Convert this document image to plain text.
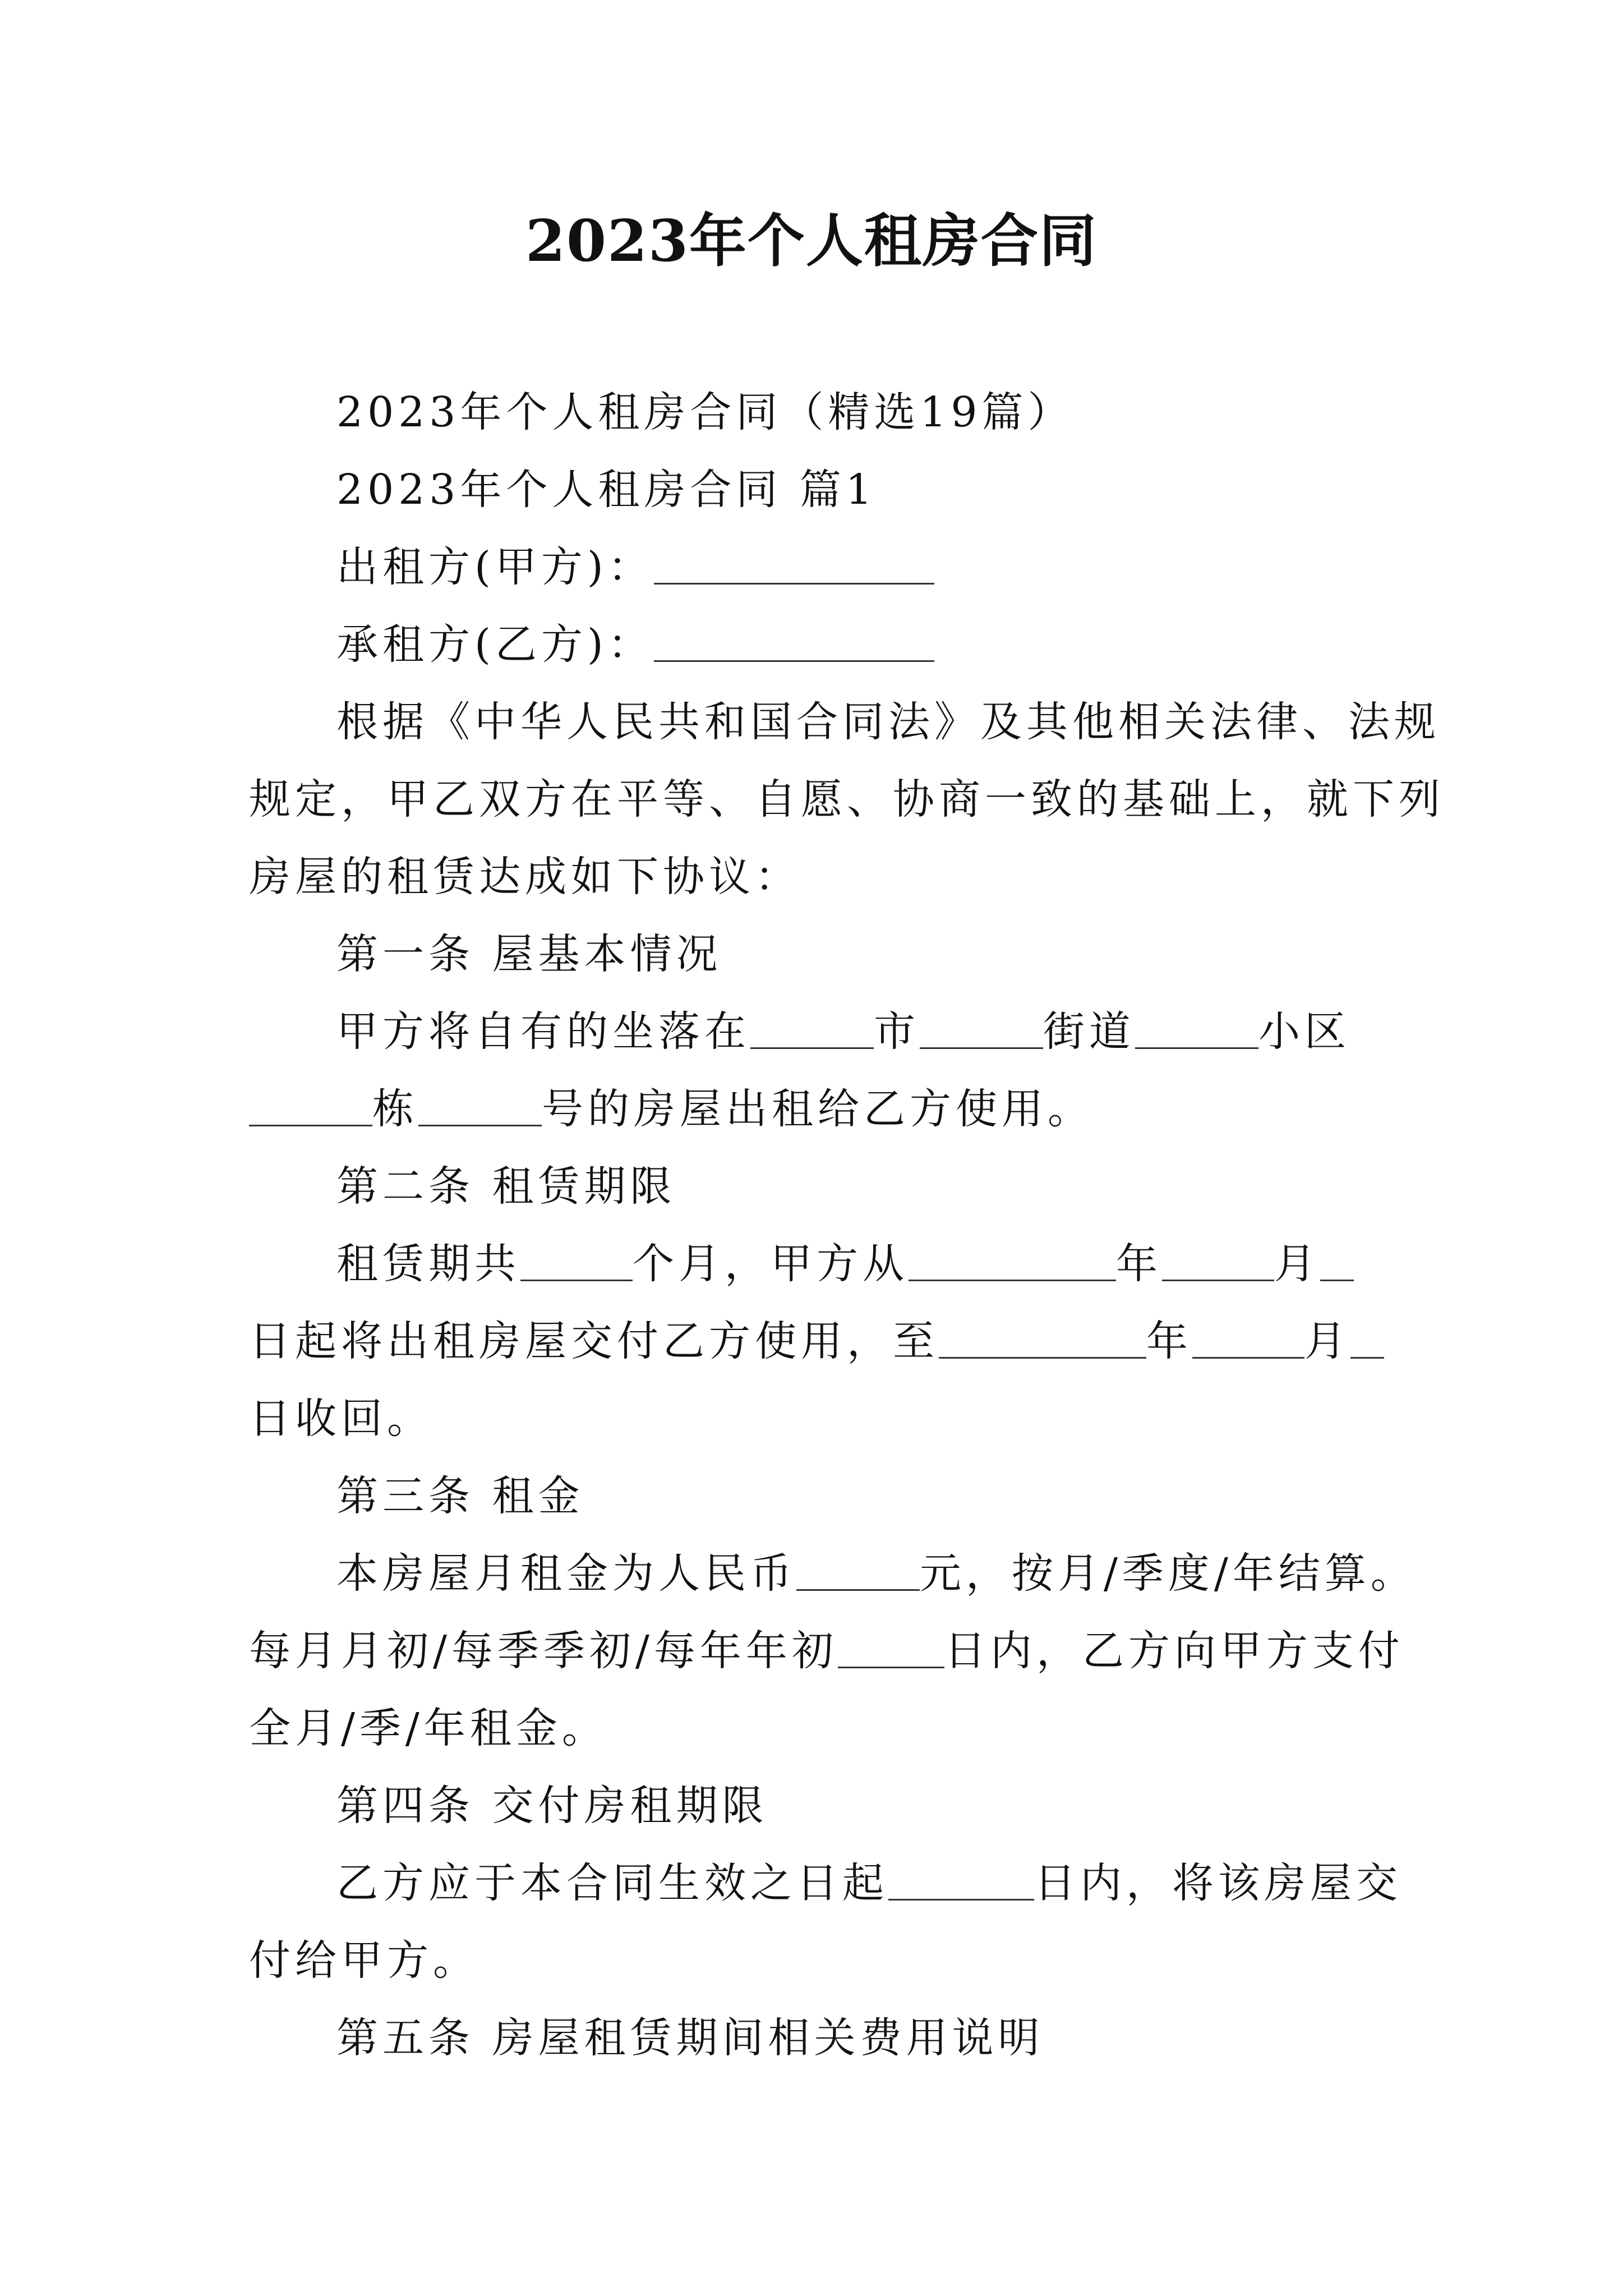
2023年个人租房合同
2023年个人租房合同（精选19篇）
2023年个人租房合同 篇1
出租方(甲方)：
承租方(乙方)：
根据《中华人民共和国合同法》及其他相关法律、法规
规定，甲乙双方在平等、自愿、协商一致的基础上，就下列
房屋的租赁达成如下协议：
第一条 屋基本情况
甲方将自有的坐落在	市	街道	小区
栋	号的房屋出租给乙方使用。
第二条 租赁期限
租赁期共	个月，甲方从	年	月
日起将出租房屋交付乙方使用，至	年	月
日收回。
第三条 租金
本房屋月租金为人民币	元，按月/季度/年结算。
每月月初/每季季初/每年年初	日内，乙方向甲方支付
全月/季/年租金。
第四条 交付房租期限
乙方应于本合同生效之日起	日内，将该房屋交
付给甲方。
第五条 房屋租赁期间相关费用说明
